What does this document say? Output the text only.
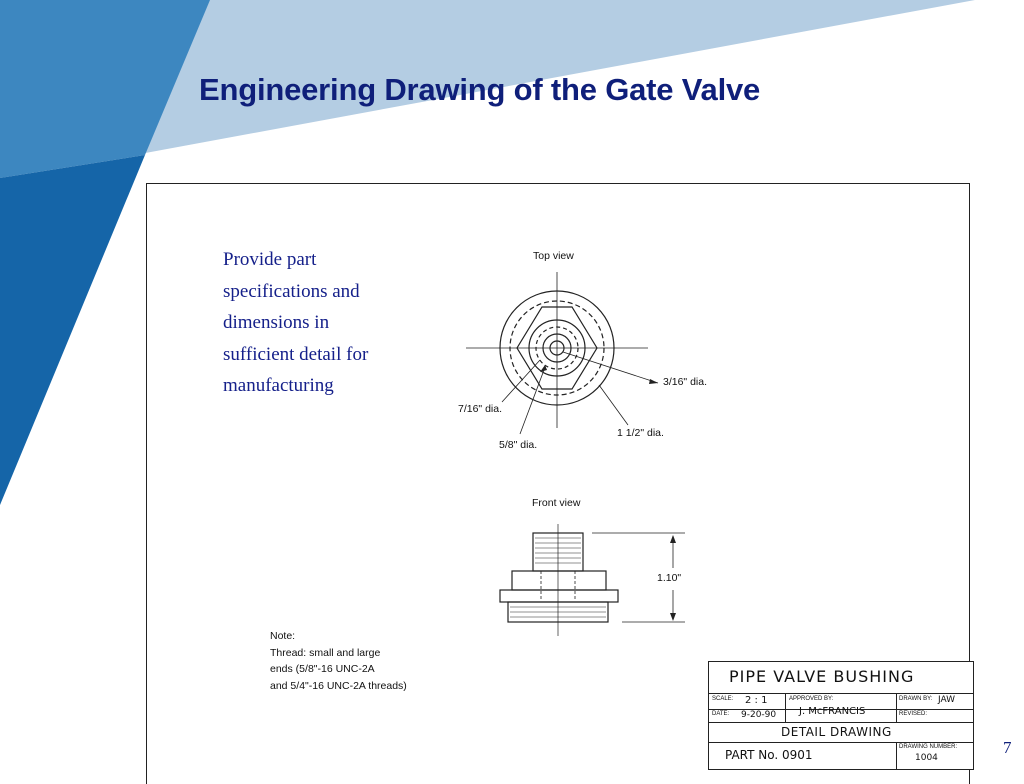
Engineering Drawing of the Gate Valve
Provide part
specifications and
dimensions in
sufficient detail for
manufacturing
Top view
Front view
3/16" dia.
7/16" dia.
1 1/2" dia.
5/8" dia.
1.10"
Note:
Thread: small and large
ends (5/8"-16 UNC-2A
and 5/4"-16 UNC-2A threads)	PIPE VALVE BUSHING
SCALE: 2 : 1
DATE: 9-20-90
APPROVED BY:
J. McFRANCIS
DRAWN BY: JAW
REVISED:
DETAIL DRAWING
PART No. 0901
DRAWING NUMBER:
1004
7
